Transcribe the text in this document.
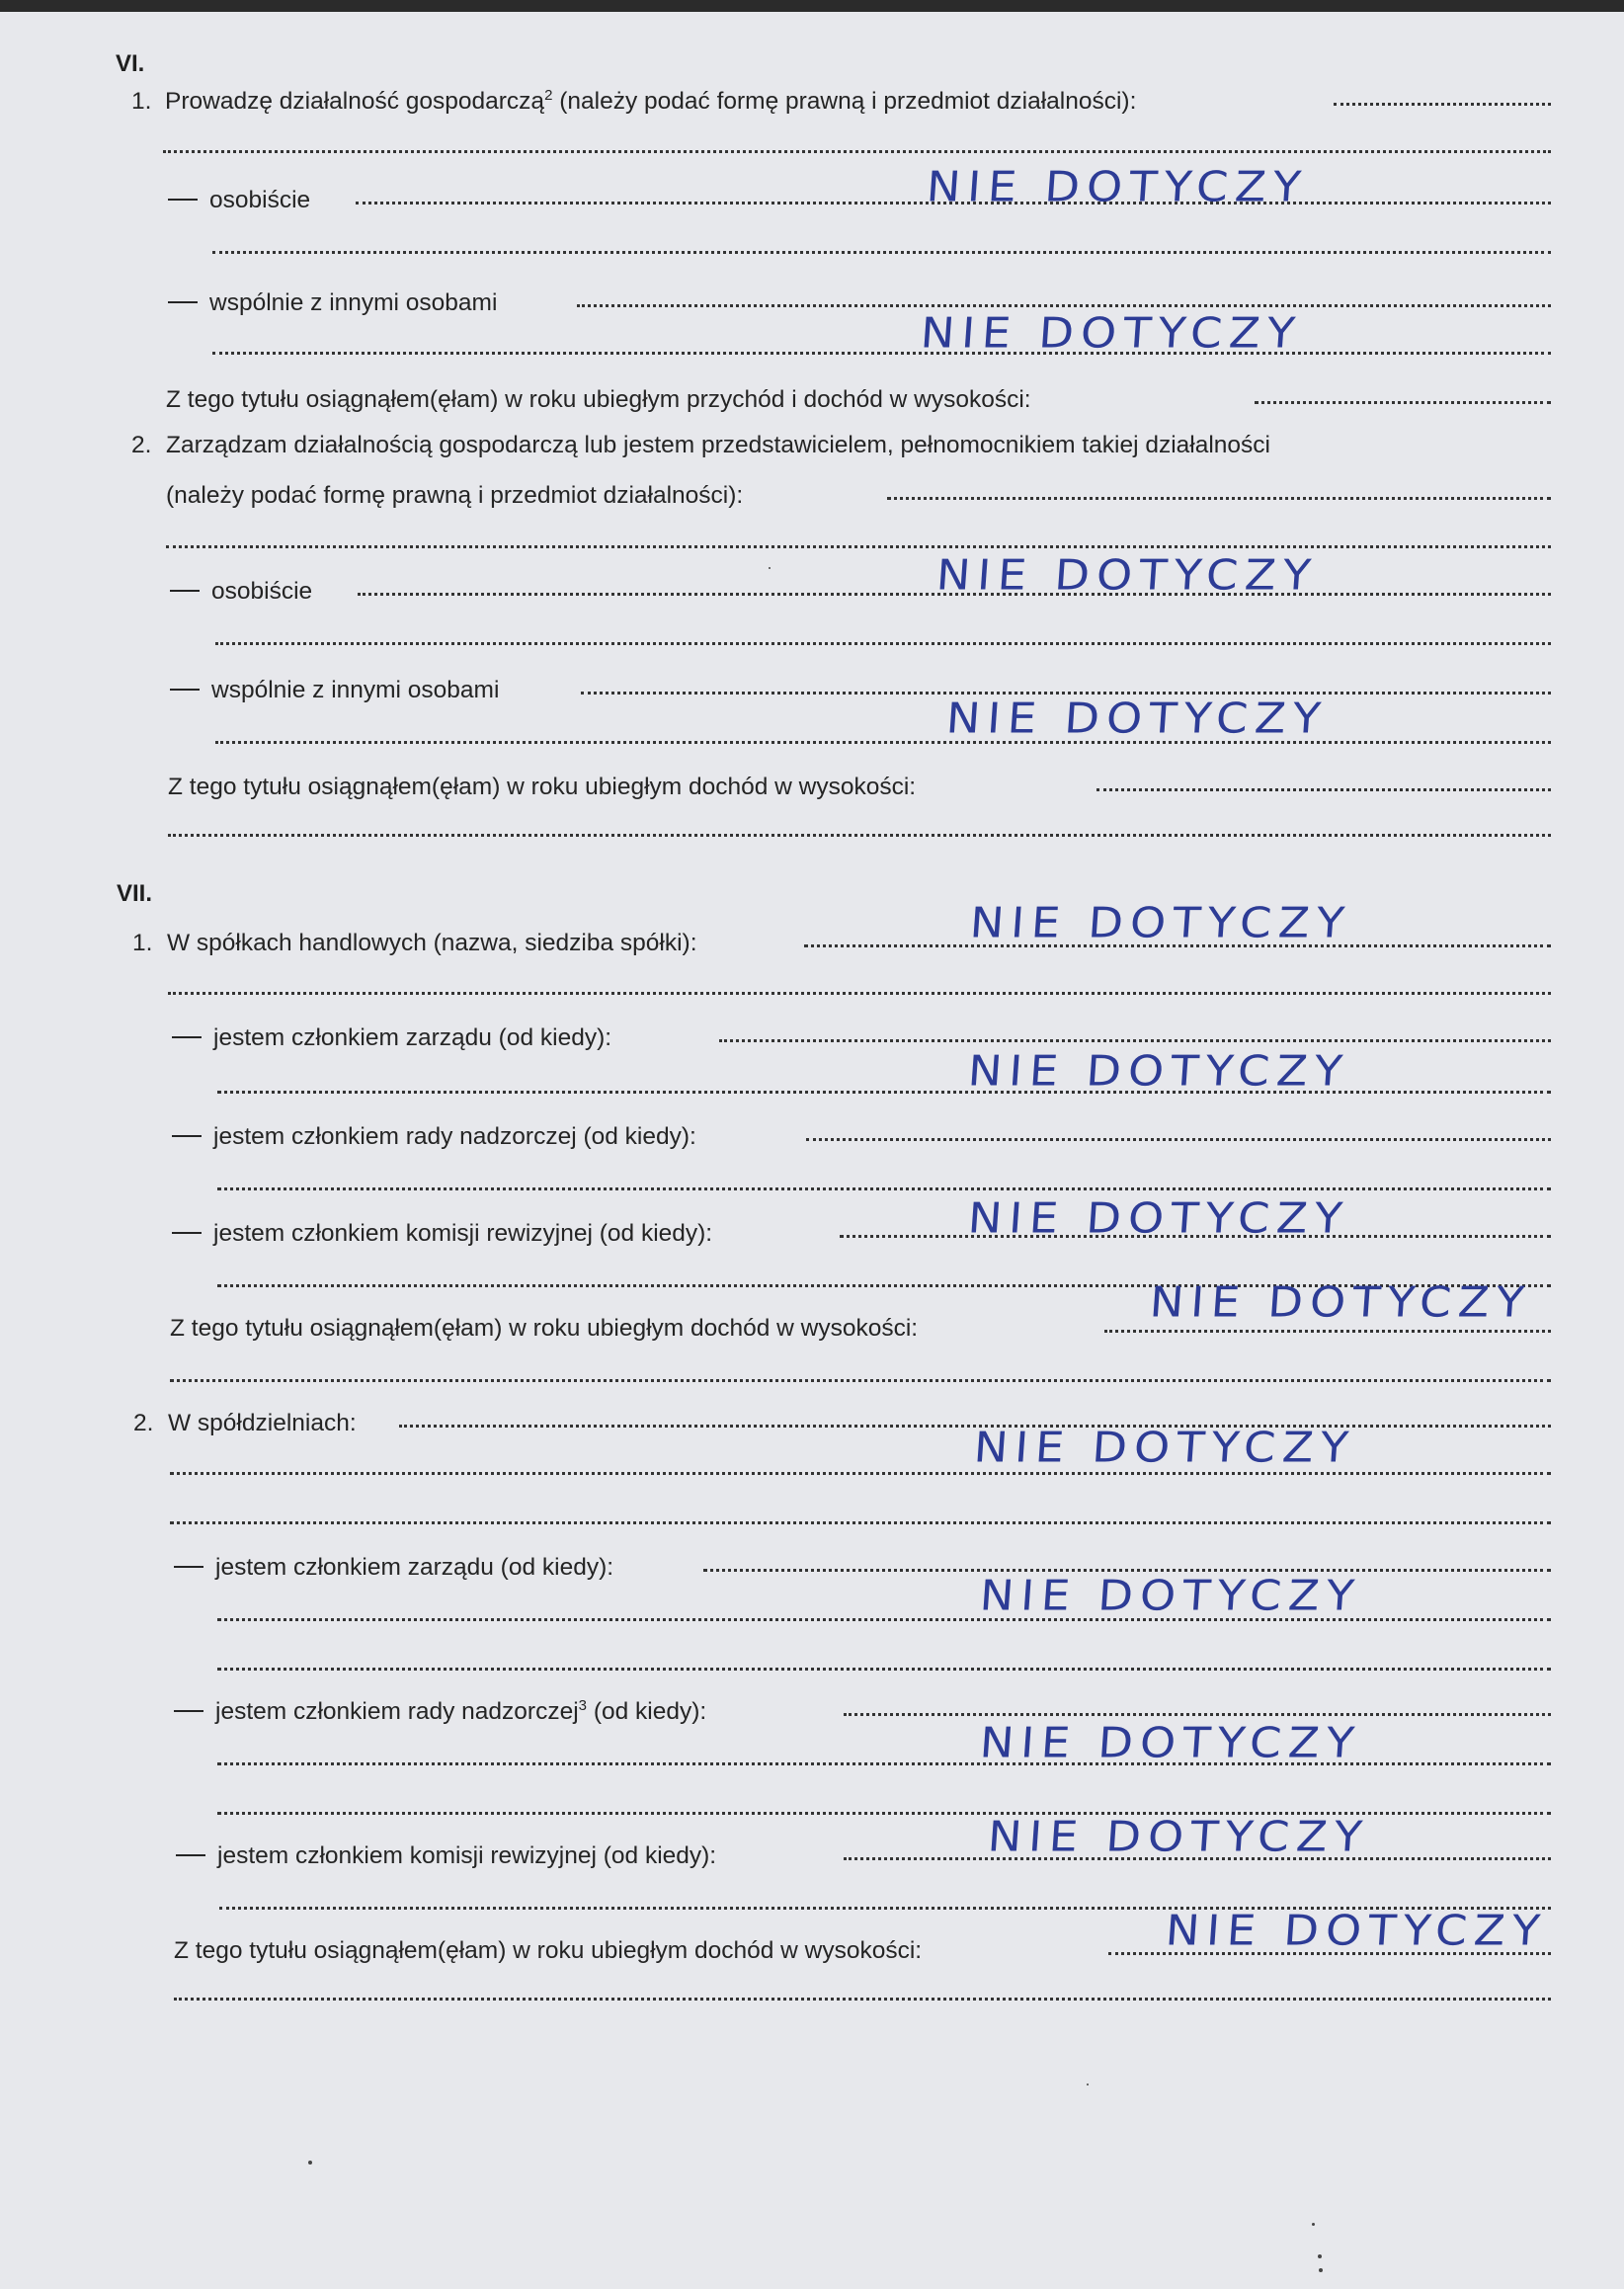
VI.
1. Prowadzę działalność gospodarczą$^2$ (należy podać formę prawną i przedmiot działalności):
osobiście	NIE DOTYCZY
wspólnie z innymi osobami
NIE DOTYCZY
Z tego tytułu osiągnąłem(ęłam) w roku ubiegłym przychód i dochód w wysokości:
2. Zarządzam działalnością gospodarczą lub jestem przedstawicielem, pełnomocnikiem takiej działalności
(należy podać formę prawną i przedmiot działalności):
osobiście	NIE DOTYCZY
wspólnie z innymi osobami
NIE DOTYCZY
Z tego tytułu osiągnąłem(ęłam) w roku ubiegłym dochód w wysokości:
VII.
1. W spółkach handlowych (nazwa, siedziba spółki):	NIE DOTYCZY
jestem członkiem zarządu (od kiedy):
NIE DOTYCZY
jestem członkiem rady nadzorczej (od kiedy):
jestem członkiem komisji rewizyjnej (od kiedy):	NIE DOTYCZY
Z tego tytułu osiągnąłem(ęłam) w roku ubiegłym dochód w wysokości:
NIE DOTYCZY
2. W spółdzielniach:	NIE DOTYCZY
jestem członkiem zarządu (od kiedy):
NIE DOTYCZY
jestem członkiem rady nadzorczej$^3$ (od kiedy):
NIE DOTYCZY
jestem członkiem komisji rewizyjnej (od kiedy):	NIE DOTYCZY
Z tego tytułu osiągnąłem(ęłam) w roku ubiegłym dochód w wysokości:	NIE DOTYCZY
